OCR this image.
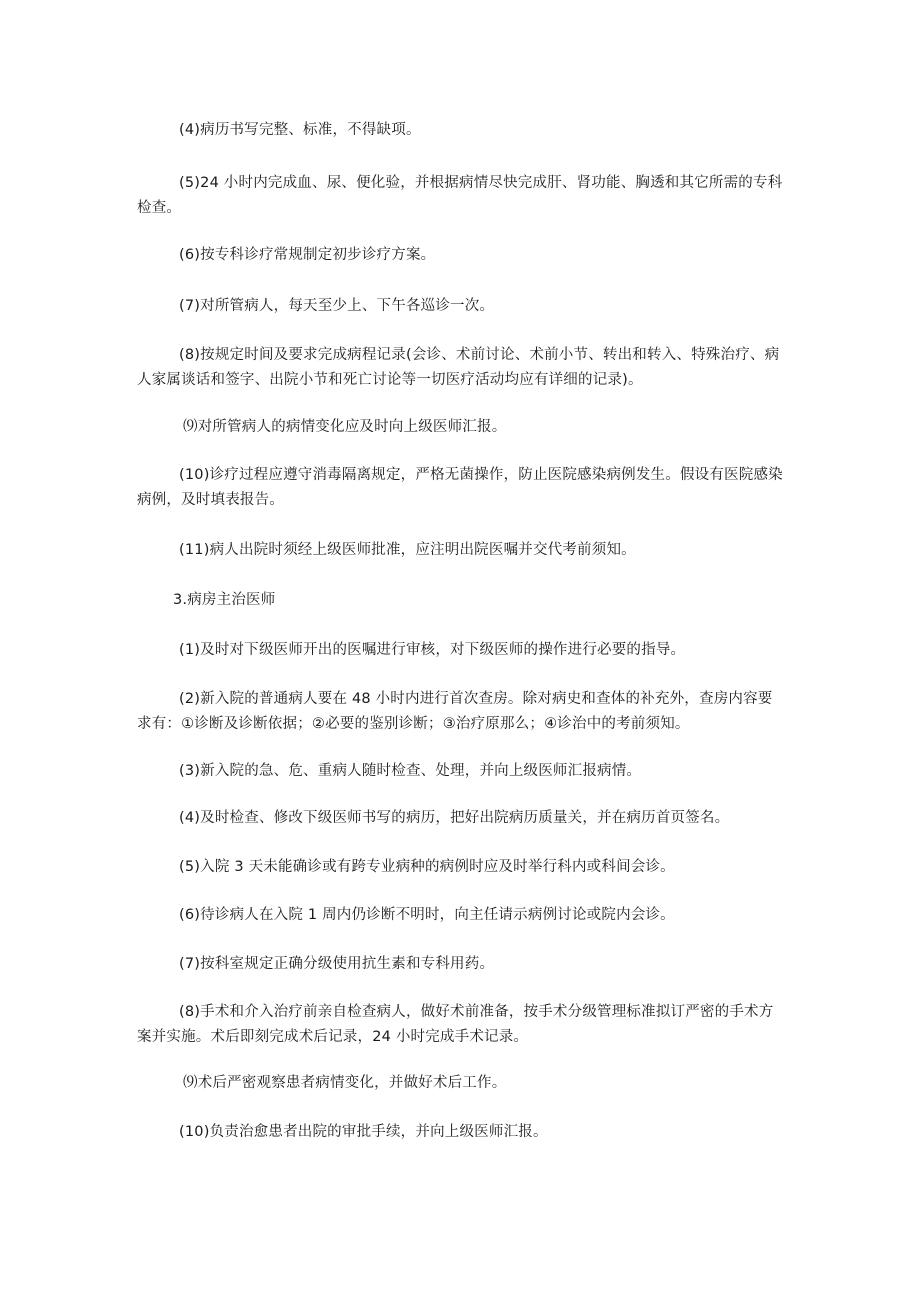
(4)病历书写完整、标准，不得缺项。

(5)24 小时内完成血、尿、便化验，并根据病情尽快完成肝、肾功能、胸透和其它所需的专科检查。

(6)按专科诊疗常规制定初步诊疗方案。

(7)对所管病人，每天至少上、下午各巡诊一次。

(8)按规定时间及要求完成病程记录(会诊、术前讨论、术前小节、转出和转入、特殊治疗、病人家属谈话和签字、出院小节和死亡讨论等一切医疗活动均应有详细的记录)。

⑼对所管病人的病情变化应及时向上级医师汇报。

(10)诊疗过程应遵守消毒隔离规定，严格无菌操作，防止医院感染病例发生。假设有医院感染病例，及时填表报告。

(11)病人出院时须经上级医师批准，应注明出院医嘱并交代考前须知。

3.病房主治医师

(1)及时对下级医师开出的医嘱进行审核，对下级医师的操作进行必要的指导。

(2)新入院的普通病人要在 48 小时内进行首次查房。除对病史和查体的补充外，查房内容要求有：①诊断及诊断依据；②必要的鉴别诊断；③治疗原那么；④诊治中的考前须知。

(3)新入院的急、危、重病人随时检查、处理，并向上级医师汇报病情。

(4)及时检查、修改下级医师书写的病历，把好出院病历质量关，并在病历首页签名。

(5)入院 3 天未能确诊或有跨专业病种的病例时应及时举行科内或科间会诊。

(6)待诊病人在入院 1 周内仍诊断不明时，向主任请示病例讨论或院内会诊。

(7)按科室规定正确分级使用抗生素和专科用药。

(8)手术和介入治疗前亲自检查病人，做好术前准备，按手术分级管理标准拟订严密的手术方案并实施。术后即刻完成术后记录，24 小时完成手术记录。

⑼术后严密观察患者病情变化，并做好术后工作。

(10)负责治愈患者出院的审批手续，并向上级医师汇报。
